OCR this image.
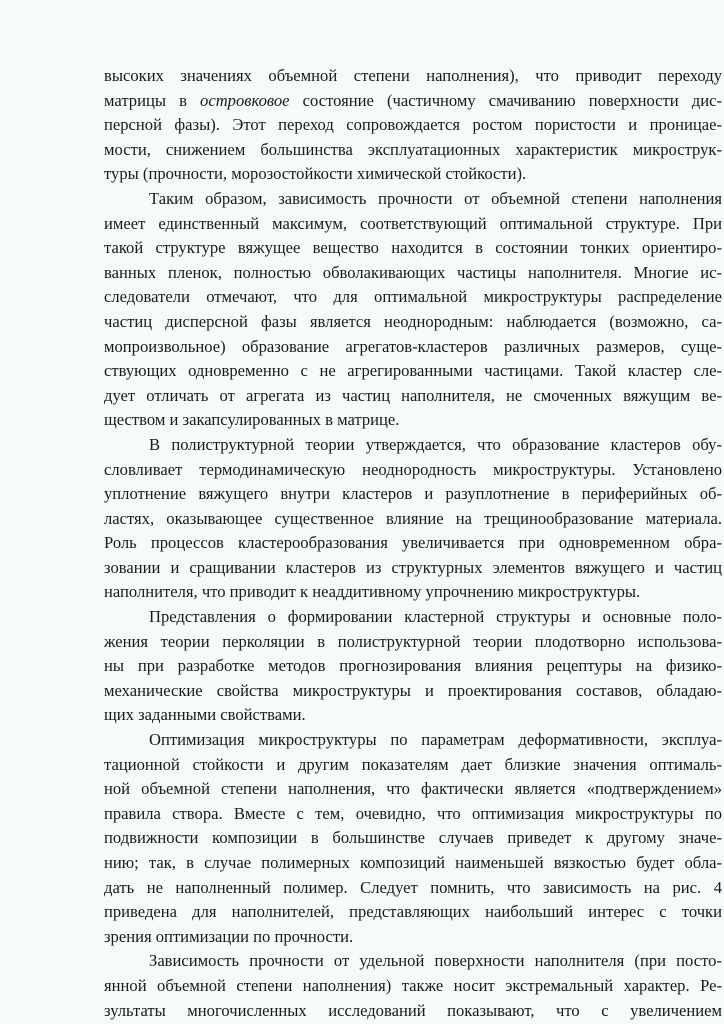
высоких значениях объемной степени наполнения), что приводит переходу
матрицы в островковое состояние (частичному смачиванию поверхности дис-
персной фазы). Этот переход сопровождается ростом пористости и проницае-
мости, снижением большинства эксплуатационных характеристик микрострук-
туры (прочности, морозостойкости химической стойкости).
Таким образом, зависимость прочности от объемной степени наполнения
имеет единственный максимум, соответствующий оптимальной структуре. При
такой структуре вяжущее вещество находится в состоянии тонких ориентиро-
ванных пленок, полностью обволакивающих частицы наполнителя. Многие ис-
следователи отмечают, что для оптимальной микроструктуры распределение
частиц дисперсной фазы является неоднородным: наблюдается (возможно, са-
мопроизвольное) образование агрегатов-кластеров различных размеров, суще-
ствующих одновременно с не агрегированными частицами. Такой кластер сле-
дует отличать от агрегата из частиц наполнителя, не смоченных вяжущим ве-
ществом и закапсулированных в матрице.
В полиструктурной теории утверждается, что образование кластеров обу-
словливает термодинамическую неоднородность микроструктуры. Установлено
уплотнение вяжущего внутри кластеров и разуплотнение в периферийных об-
ластях, оказывающее существенное влияние на трещинообразование материала.
Роль процессов кластерообразования увеличивается при одновременном обра-
зовании и сращивании кластеров из структурных элементов вяжущего и частиц
наполнителя, что приводит к неаддитивному упрочнению микроструктуры.
Представления о формировании кластерной структуры и основные поло-
жения теории перколяции в полиструктурной теории плодотворно использова-
ны при разработке методов прогнозирования влияния рецептуры на физико-
механические свойства микроструктуры и проектирования составов, обладаю-
щих заданными свойствами.
Оптимизация микроструктуры по параметрам деформативности, эксплуа-
тационной стойкости и другим показателям дает близкие значения оптималь-
ной объемной степени наполнения, что фактически является «подтверждением»
правила створа. Вместе с тем, очевидно, что оптимизация микроструктуры по
подвижности композиции в большинстве случаев приведет к другому значе-
нию; так, в случае полимерных композиций наименьшей вязкостью будет обла-
дать не наполненный полимер. Следует помнить, что зависимость на рис. 4
приведена для наполнителей, представляющих наибольший интерес с точки
зрения оптимизации по прочности.
Зависимость прочности от удельной поверхности наполнителя (при посто-
янной объемной степени наполнения) также носит экстремальный характер. Ре-
зультаты многочисленных исследований показывают, что с увеличением
